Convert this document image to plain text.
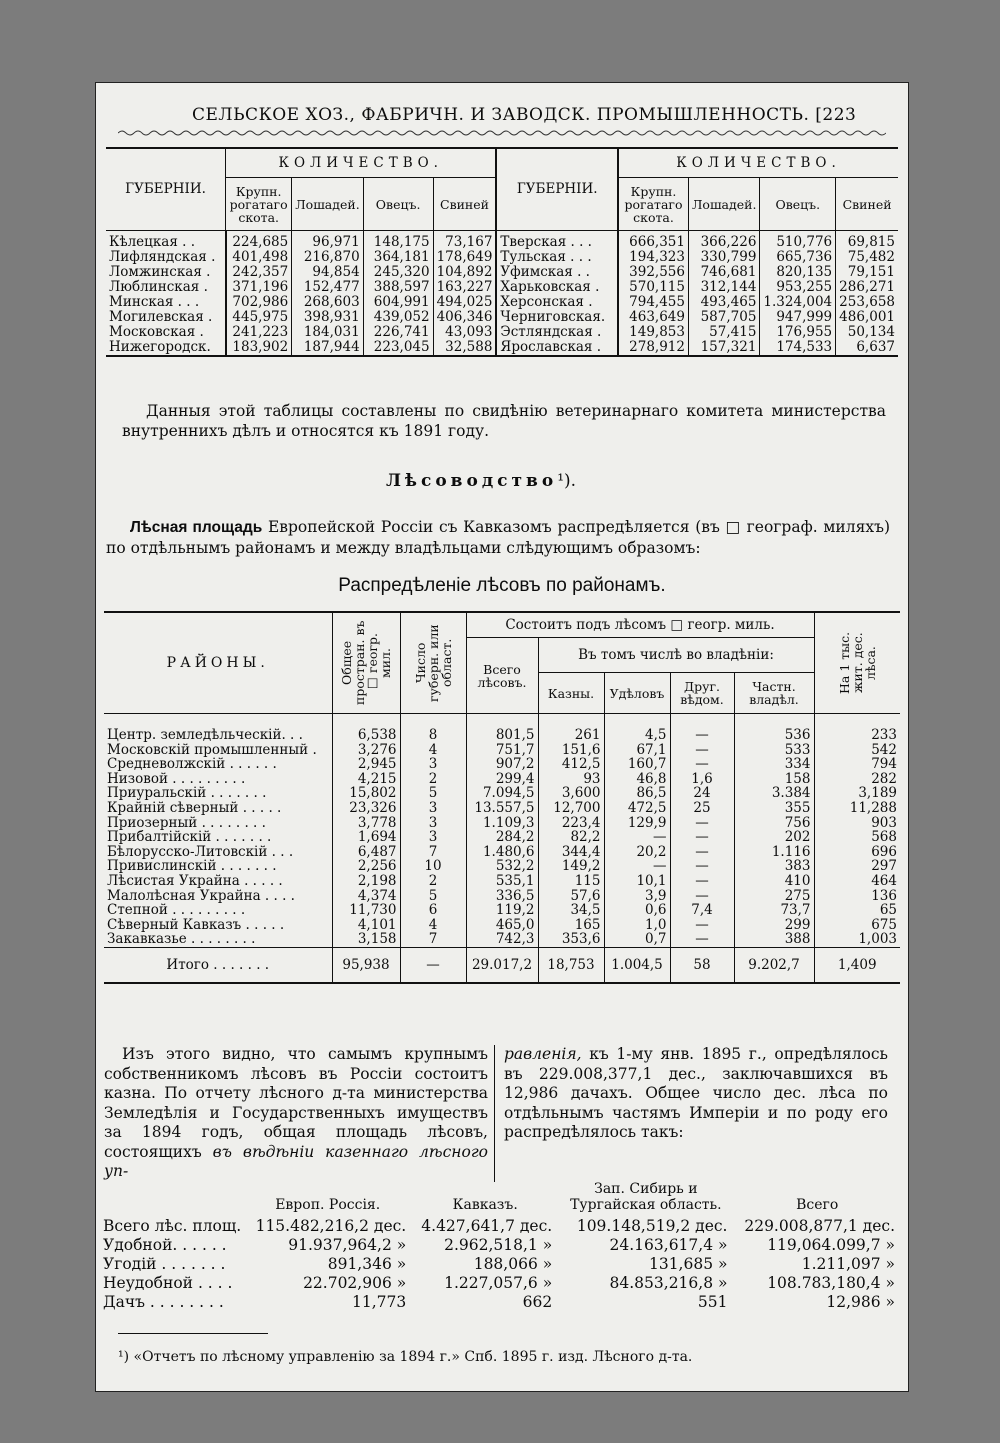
СЕЛЬСКОЕ ХОЗ., ФАБРИЧН. И ЗАВОДСК. ПРОМЫШЛЕННОСТЬ. [223
ГУБЕРНІИ.	КОЛИЧЕСТВО.				ГУБЕРНІИ.	КОЛИЧЕСТВО.			
	Крупн. рогатаго скота.	Лошадей.	Овецъ.	Свиней		Крупн. рогатаго скота.	Лошадей.	Овецъ.	Свиней
Кѣлецкая . .	224,685	96,971	148,175	73,167	Тверская . . .	666,351	366,226	510,776	69,815
Лифляндская .	401,498	216,870	364,181	178,649	Тульская . . .	194,323	330,799	665,736	75,482
Ломжинская .	242,357	94,854	245,320	104,892	Уфимская . .	392,556	746,681	820,135	79,151
Люблинская .	371,196	152,477	388,597	163,227	Харьковская .	570,115	312,144	953,255	286,271
Минская . . .	702,986	268,603	604,991	494,025	Херсонская .	794,455	493,465	1.324,004	253,658
Могилевская .	445,975	398,931	439,052	406,346	Черниговская.	463,649	587,705	947,999	486,001
Московская .	241,223	184,031	226,741	43,093	Эстляндская .	149,853	57,415	176,955	50,134
Нижегородск.	183,902	187,944	223,045	32,588	Ярославская .	278,912	157,321	174,533	6,637
Данныя этой таблицы составлены по свидѣнію ветеринарнаго комитета министерства внутреннихъ дѣлъ и относятся къ 1891 году.
Лѣсоводство¹).
Лѣсная площадь Европейской Россіи съ Кавказомъ распредѣляется (въ □ географ. миляхъ) по отдѣльнымъ районамъ и между владѣльцами слѣдующимъ образомъ:
Распредѣленіе лѣсовъ по районамъ.
РАЙОНЫ.	Общее простран. въ □ геогр. мил.	Число губерн. или област.	Состоитъ подъ лѣсомъ □ геогр. миль.					На 1 тыс. жит. дес. лѣса.

			Всего лѣсовъ.	Въ томъ числѣ во владѣніи:				
				Казны.	Удѣловъ	Друг. вѣдом.	Частн. владѣл.	
Центр. земледѣльческій. . .	6,538	8	801,5	261	4,5	—	536	233
Московскій промышленный .	3,276	4	751,7	151,6	67,1	—	533	542
Средневолжскій . . . . . .	2,945	3	907,2	412,5	160,7	—	334	794
Низовой . . . . . . . . .	4,215	2	299,4	93	46,8	1,6	158	282
Приуральскій . . . . . . .	15,802	5	7.094,5	3,600	86,5	24	3.384	3,189
Крайній сѣверный . . . . .	23,326	3	13.557,5	12,700	472,5	25	355	11,288
Приозерный . . . . . . . .	3,778	3	1.109,3	223,4	129,9	—	756	903
Прибалтійскій . . . . . . .	1,694	3	284,2	82,2	—	—	202	568
Бѣлорусско-Литовскій . . .	6,487	7	1.480,6	344,4	20,2	—	1.116	696
Привислинскій . . . . . . .	2,256	10	532,2	149,2	—	—	383	297
Лѣсистая Украйна . . . . .	2,198	2	535,1	115	10,1	—	410	464
Малолѣсная Украйна . . . .	4,374	5	336,5	57,6	3,9	—	275	136
Степной . . . . . . . . .	11,730	6	119,2	34,5	0,6	7,4	73,7	65
Сѣверный Кавказъ . . . . .	4,101	4	465,0	165	1,0	—	299	675
Закавказье . . . . . . . .	3,158	7	742,3	353,6	0,7	—	388	1,003
Итого . . . . . . .	95,938	—	29.017,2	18,753	1.004,5	58	9.202,7	1,409
Изъ этого видно, что самымъ крупнымъ собственникомъ лѣсовъ въ Россіи состоитъ казна. По отчету лѣсного д-та министерства Земледѣлія и Государственныхъ имуществъ за 1894 годъ, общая площадь лѣсовъ, состоящихъ въ вѣдѣніи казеннаго лѣсного уп-
равленія, къ 1-му янв. 1895 г., опредѣлялось въ 229.008,377,1 дес., заключавшихся въ 12,986 дачахъ. Общее число дес. лѣса по отдѣльнымъ частямъ Имперіи и по роду его распредѣлялось такъ:
	Европ. Россія.	Кавказъ.	Зап. Сибирь и Тургайская область.	Всего
Всего лѣс. площ.	115.482,216,2 дес.	4.427,641,7 дес.	109.148,519,2 дес.	229.008,877,1 дес.
Удобной. . . . . .	91.937,964,2 »	2.962,518,1 »	24.163,617,4 »	119,064.099,7 »
Угодій . . . . . . .	891,346 »	188,066 »	131,685 »	1.211,097 »
Неудобной . . . .	22.702,906 »	1.227,057,6 »	84.853,216,8 »	108.783,180,4 »
Дачъ . . . . . . . .	11,773	662	551	12,986 »
¹) «Отчетъ по лѣсному управленію за 1894 г.» Спб. 1895 г. изд. Лѣсного д-та.
